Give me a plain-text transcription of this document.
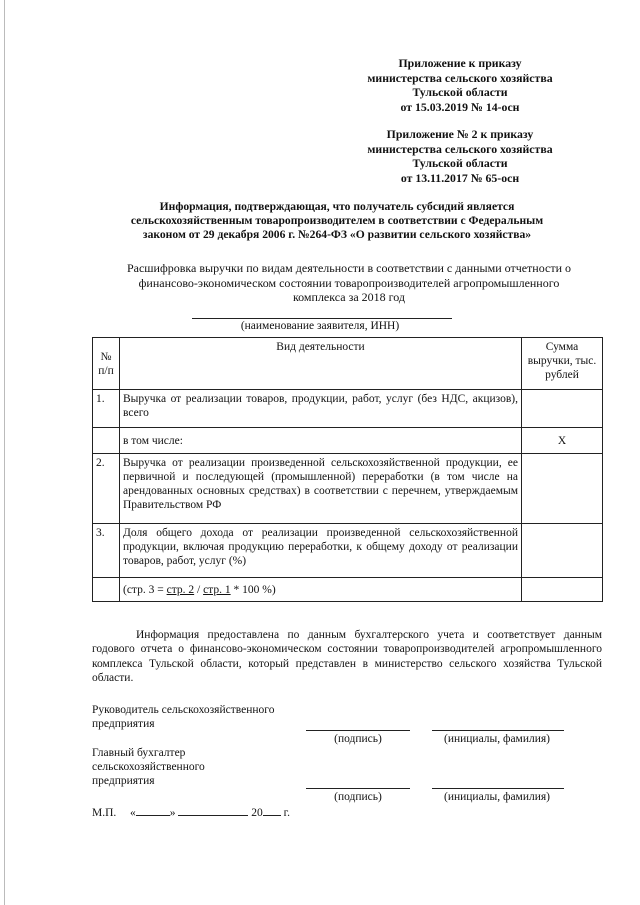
Приложение к приказу
министерства сельского хозяйства
Тульской области
от 15.03.2019 № 14-осн
Приложение № 2 к приказу
министерства сельского хозяйства
Тульской области
от 13.11.2017 № 65-осн
Информация, подтверждающая, что получатель субсидий является
сельскохозяйственным товаропроизводителем в соответствии с Федеральным
законом от 29 декабря 2006 г. №264-ФЗ «О развитии сельского хозяйства»
Расшифровка выручки по видам деятельности в соответствии с данными отчетности о
финансово-экономическом состоянии товаропроизводителей агропромышленного
комплекса за 2018 год
(наименование заявителя, ИНН)
№ п/п	Вид деятельности	Сумма выручки, тыс. рублей
1.	Выручка от реализации товаров, продукции, работ, услуг (без НДС, акцизов), всего	
	в том числе:	X
2.	Выручка от реализации произведенной сельскохозяйственной продукции, ее первичной и последующей (промышленной) переработки (в том числе на арендованных основных средствах) в соответствии с перечнем, утверждаемым Правительством РФ	
3.	Доля общего дохода от реализации произведенной сельскохозяйственной продукции, включая продукцию переработки, к общему доходу от реализации товаров, работ, услуг (%)	
	(стр. 3 = стр. 2 / стр. 1 * 100 %)	
Информация предоставлена по данным бухгалтерского учета и соответствует данным годового отчета о финансово-экономическом состоянии товаропроизводителей агропромышленного комплекса Тульской области, который представлен в министерство сельского хозяйства Тульской области.
Руководитель сельскохозяйственного
предприятия
(подпись)	(инициалы, фамилия)
Главный бухгалтер
сельскохозяйственного
предприятия
(подпись)	(инициалы, фамилия)
М.П. «	»	20 г.
